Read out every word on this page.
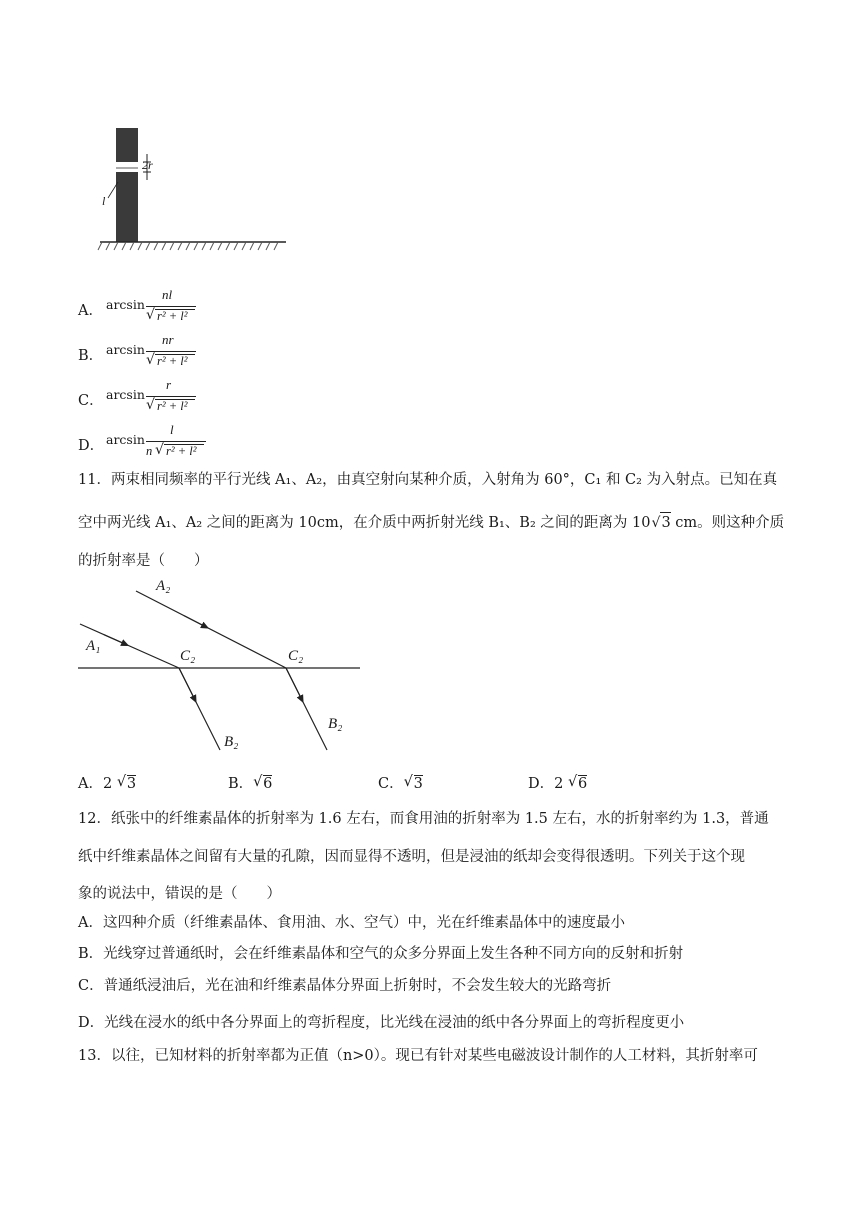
2r
l
A． arcsin
nl
√ r² + l²
B． arcsin
nr
√ r² + l²
C． arcsin
r
√ r² + l²
D． arcsin
l
n √ r² + l²
11．两束相同频率的平行光线 A₁、A₂，由真空射向某种介质，入射角为 60°，C₁ 和 C₂ 为入射点。已知在真
空中两光线 A₁、A₂ 之间的距离为 10cm，在介质中两折射光线 B₁、B₂ 之间的距离为 10 3
√ cm。则这种介质
的折射率是（　　）
A₂
A₁
C₂	C₂
B₂
B₂
A．2 √ 3	B． √ 6	C． √ 3	D．2 √ 6
12．纸张中的纤维素晶体的折射率为 1.6 左右，而食用油的折射率为 1.5 左右，水的折射率约为 1.3，普通
纸中纤维素晶体之间留有大量的孔隙，因而显得不透明，但是浸油的纸却会变得很透明。下列关于这个现
象的说法中，错误的是（　　）
A．这四种介质（纤维素晶体、食用油、水、空气）中，光在纤维素晶体中的速度最小
B．光线穿过普通纸时，会在纤维素晶体和空气的众多分界面上发生各种不同方向的反射和折射
C．普通纸浸油后，光在油和纤维素晶体分界面上折射时，不会发生较大的光路弯折
D．光线在浸水的纸中各分界面上的弯折程度，比光线在浸油的纸中各分界面上的弯折程度更小
13．以往，已知材料的折射率都为正值（n>0）。现已有针对某些电磁波设计制作的人工材料，其折射率可
